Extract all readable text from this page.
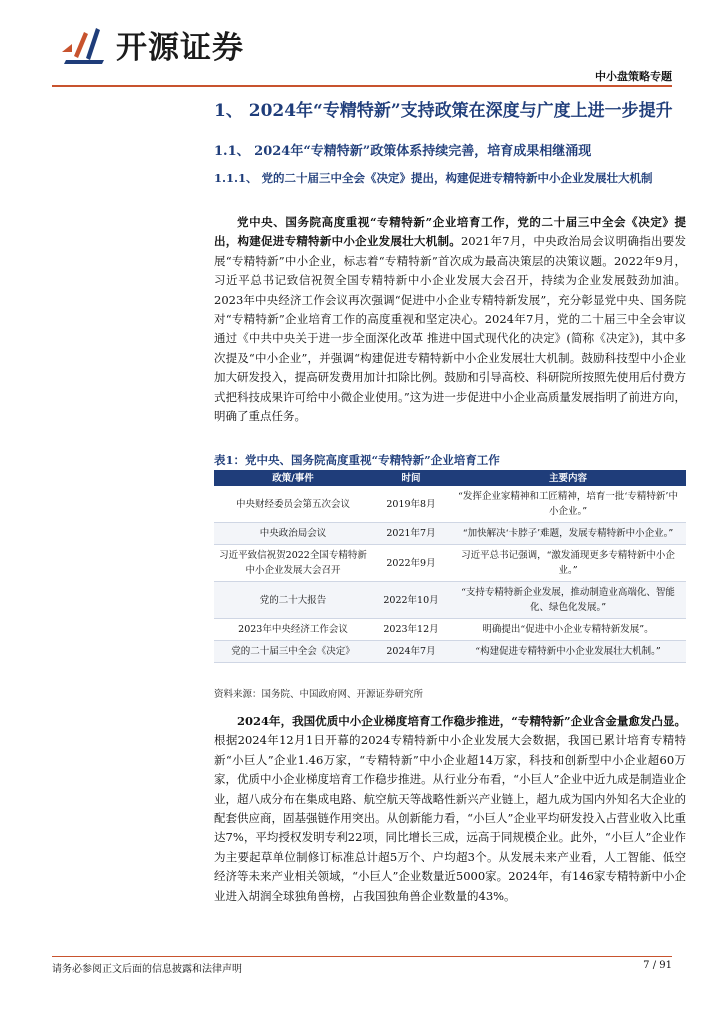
开源证券
中小盘策略专题
1、 2024年“专精特新”支持政策在深度与广度上进一步提升
1.1、 2024年“专精特新”政策体系持续完善，培育成果相继涌现
1.1.1、 党的二十届三中全会《决定》提出，构建促进专精特新中小企业发展壮大机制

党中央、国务院高度重视“专精特新”企业培育工作，党的二十届三中全会《决定》提出，构建促进专精特新中小企业发展壮大机制。2021年7月，中央政治局会议明确指出要发展“专精特新”中小企业，标志着“专精特新”首次成为最高决策层的决策议题。2022年9月，习近平总书记致信祝贺全国专精特新中小企业发展大会召开，持续为企业发展鼓劲加油。2023年中央经济工作会议再次强调“促进中小企业专精特新发展”，充分彰显党中央、国务院对“专精特新”企业培育工作的高度重视和坚定决心。2024年7月，党的二十届三中全会审议通过《中共中央关于进一步全面深化改革 推进中国式现代化的决定》(简称《决定》)，其中多次提及“中小企业”，并强调“构建促进专精特新中小企业发展壮大机制。鼓励科技型中小企业加大研发投入，提高研发费用加计扣除比例。鼓励和引导高校、科研院所按照先使用后付费方式把科技成果许可给中小微企业使用。”这为进一步促进中小企业高质量发展指明了前进方向，明确了重点任务。

表1：党中央、国务院高度重视“专精特新”企业培育工作
政策/事件	时间	主要内容
中央财经委员会第五次会议	2019年8月	“发挥企业家精神和工匠精神，培育一批‘专精特新’中小企业。”
中央政治局会议	2021年7月	“加快解决‘卡脖子’难题，发展专精特新中小企业。”
习近平致信祝贺2022全国专精特新中小企业发展大会召开	2022年9月	习近平总书记强调，“激发涌现更多专精特新中小企业。”
党的二十大报告	2022年10月	“支持专精特新企业发展，推动制造业高端化、智能化、绿色化发展。”
2023年中央经济工作会议	2023年12月	明确提出“促进中小企业专精特新发展”。
党的二十届三中全会《决定》	2024年7月	“构建促进专精特新中小企业发展壮大机制。”
资料来源：国务院、中国政府网、开源证券研究所

2024年，我国优质中小企业梯度培育工作稳步推进，“专精特新”企业含金量愈发凸显。根据2024年12月1日开幕的2024专精特新中小企业发展大会数据，我国已累计培育专精特新“小巨人”企业1.46万家，“专精特新”中小企业超14万家，科技和创新型中小企业超60万家，优质中小企业梯度培育工作稳步推进。从行业分布看，“小巨人”企业中近九成是制造业企业，超八成分布在集成电路、航空航天等战略性新兴产业链上，超九成为国内外知名大企业的配套供应商，固基强链作用突出。从创新能力看，“小巨人”企业平均研发投入占营业收入比重达7%，平均授权发明专利22项，同比增长三成，远高于同规模企业。此外，“小巨人”企业作为主要起草单位制修订标准总计超5万个、户均超3个。从发展未来产业看，人工智能、低空经济等未来产业相关领域，“小巨人”企业数量近5000家。2024年，有146家专精特新中小企业进入胡润全球独角兽榜，占我国独角兽企业数量的43%。

请务必参阅正文后面的信息披露和法律声明	7 / 91
